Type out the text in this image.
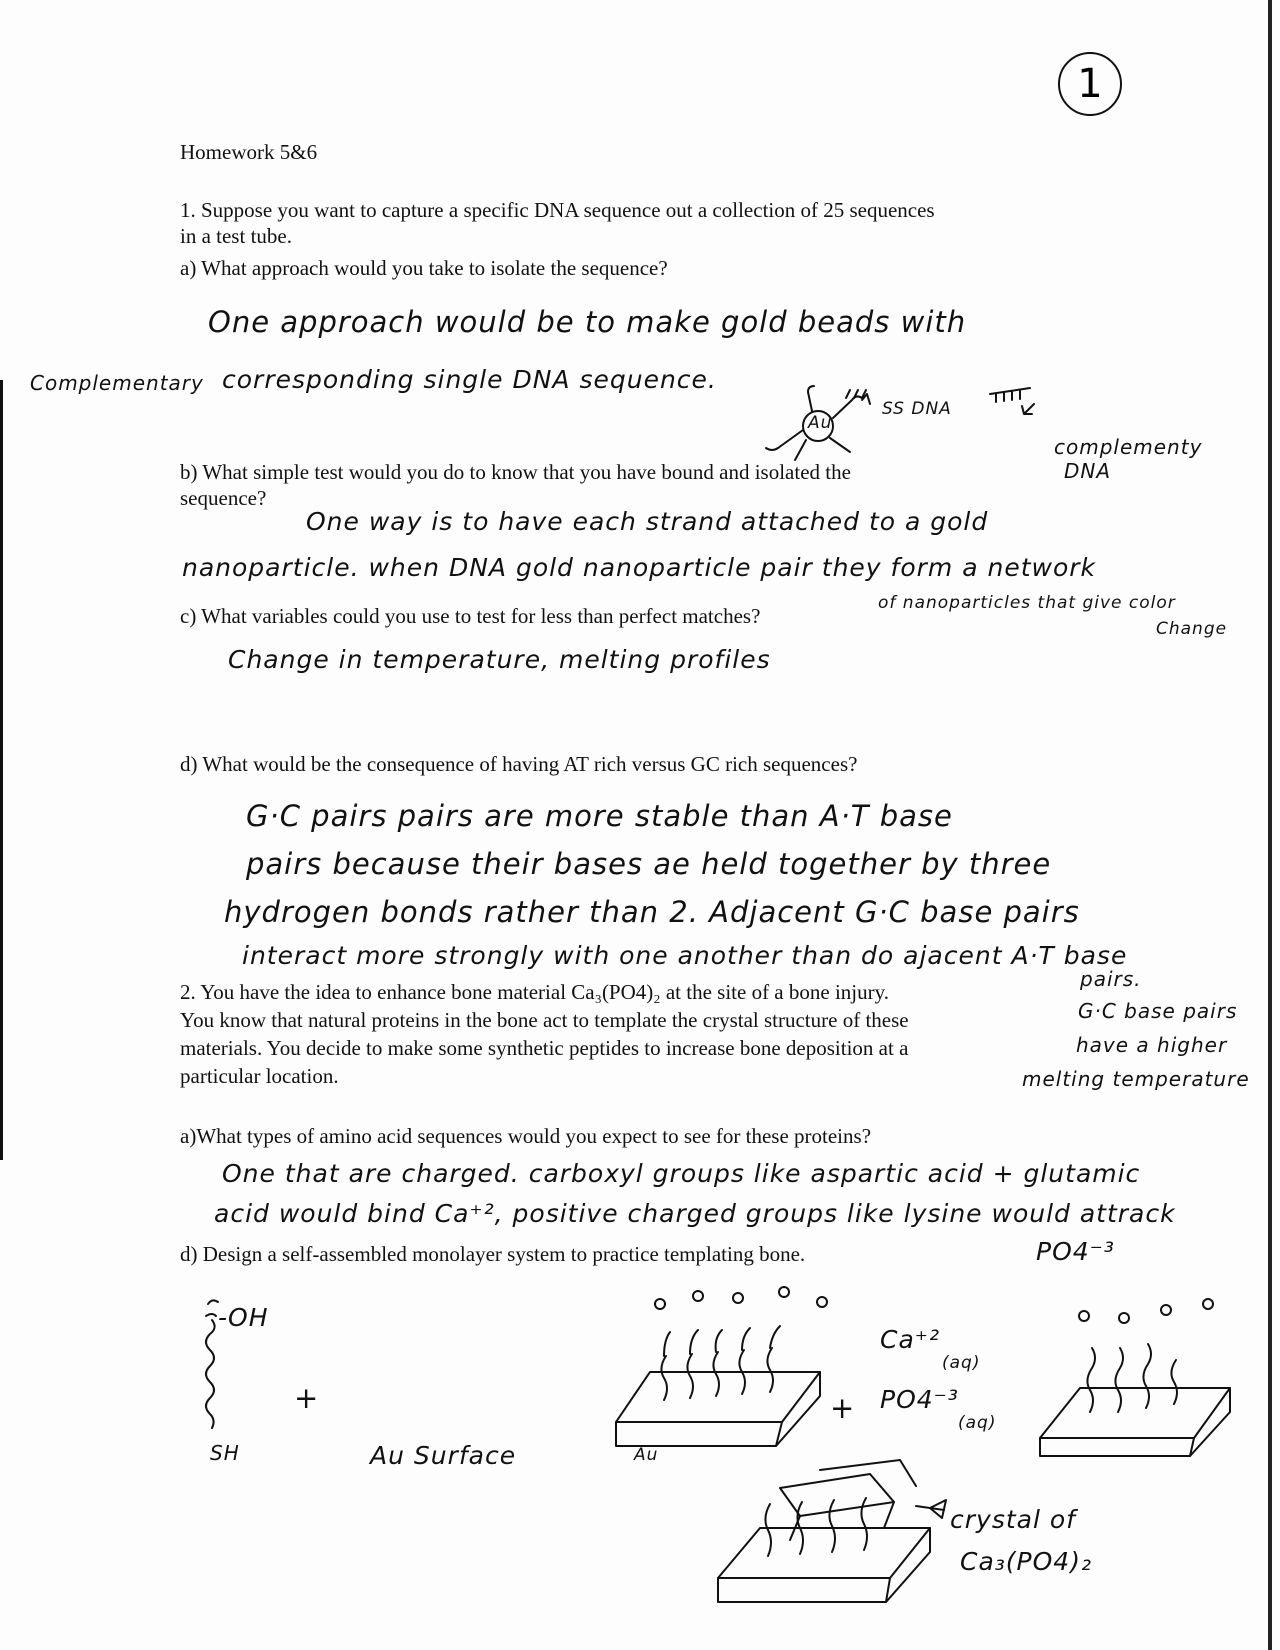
1
Homework 5&6
1. Suppose you want to capture a specific DNA sequence out a collection of 25 sequences
in a test tube.
a) What approach would you take to isolate the sequence?
One approach would be to make gold beads with
Complementary corresponding single DNA sequence.
Au
SS DNA
complementy
DNA
b) What simple test would you do to know that you have bound and isolated the
sequence?
One way is to have each strand attached to a gold
nanoparticle. when DNA gold nanoparticle pair they form a network
of nanoparticles that give color
Change
c) What variables could you use to test for less than perfect matches?
Change in temperature, melting profiles
d) What would be the consequence of having AT rich versus GC rich sequences?
G·C pairs pairs are more stable than A·T base
pairs because their bases ae held together by three
hydrogen bonds rather than 2. Adjacent G·C base pairs
interact more strongly with one another than do ajacent A·T base
pairs.
G·C base pairs
have a higher
melting temperature
2. You have the idea to enhance bone material Ca₃(PO4)₂ at the site of a bone injury.
You know that natural proteins in the bone act to template the crystal structure of these
materials. You decide to make some synthetic peptides to increase bone deposition at a
particular location.
a)What types of amino acid sequences would you expect to see for these proteins?
One that are charged. carboxyl groups like aspartic acid + glutamic
acid would bind Ca⁺², positive charged groups like lysine would attrack
PO4⁻³
d) Design a self-assembled monolayer system to practice templating bone.
-OH
SH
+
Au Surface	Au
+
Ca⁺²
(aq)
PO4⁻³
(aq)
crystal of
Ca₃(PO4)₂
